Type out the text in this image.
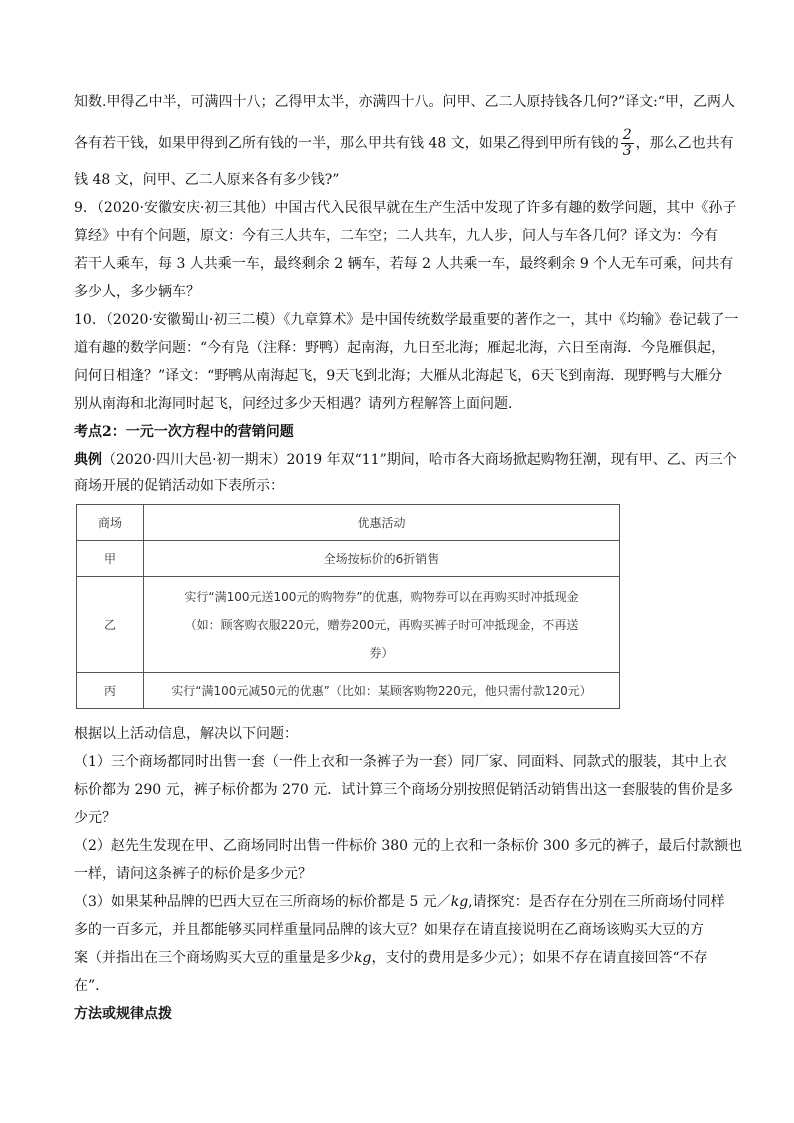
知数.甲得乙中半，可满四十八；乙得甲太半，亦满四十八。问甲、乙二人原持钱各几何?”译文:“甲，乙两人
各有若干钱，如果甲得到乙所有钱的一半，那么甲共有钱 48 文，如果乙得到甲所有钱的 $\frac{2}{3}$ ，那么乙也共有
钱 48 文，问甲、乙二人原来各有多少钱?”
9．（2020·安徽安庆·初三其他）中国古代入民很早就在生产生活中发现了许多有趣的数学问题，其中《孙子
算经》中有个问题，原文：今有三人共车，二车空；二人共车，九人步，问人与车各几何？译文为：今有
若干人乘车，每 3 人共乘一车，最终剩余 2 辆车，若每 2 人共乘一车，最终剩余 9 个人无车可乘，问共有
多少人，多少辆车？
10．（2020·安徽蜀山·初三二模）《九章算术》是中国传统数学最重要的著作之一，其中《均输》卷记载了一
道有趣的数学问题：“今有凫（注释：野鸭）起南海，九日至北海；雁起北海，六日至南海．今凫雁俱起，
问何日相逢？”译文：“野鸭从南海起飞，9天飞到北海；大雁从北海起飞，6天飞到南海．现野鸭与大雁分
别从南海和北海同时起飞，问经过多少天相遇？请列方程解答上面问题．
考点2：一元一次方程中的营销问题
典例（2020·四川大邑·初一期末）2019 年双“11”期间，哈市各大商场掀起购物狂潮，现有甲、乙、丙三个
商场开展的促销活动如下表所示：
商场	优惠活动
甲	全场按标价的6折销售
乙	实行“满100元送100元的购物券”的优惠，购物券可以在再购买时冲抵现金
（如：顾客购衣服220元，赠券200元，再购买裤子时可冲抵现金，不再送
券）

丙	实行“满100元减50元的优惠”（比如：某顾客购物220元，他只需付款120元）
根据以上活动信息，解决以下问题：
（1）三个商场都同时出售一套（一件上衣和一条裤子为一套）同厂家、同面料、同款式的服装，其中上衣
标价都为 290 元，裤子标价都为 270 元．试计算三个商场分别按照促销活动销售出这一套服装的售价是多
少元？
（2）赵先生发现在甲、乙商场同时出售一件标价 380 元的上衣和一条标价 300 多元的裤子，最后付款额也
一样，请问这条裤子的标价是多少元？
（3）如果某种品牌的巴西大豆在三所商场的标价都是 5 元／kg,请探究：是否存在分别在三所商场付同样
多的一百多元，并且都能够买同样重量同品牌的该大豆？如果存在请直接说明在乙商场该购买大豆的方
案（并指出在三个商场购买大豆的重量是多少kg，支付的费用是多少元）；如果不存在请直接回答“不存
在”.
方法或规律点拨
